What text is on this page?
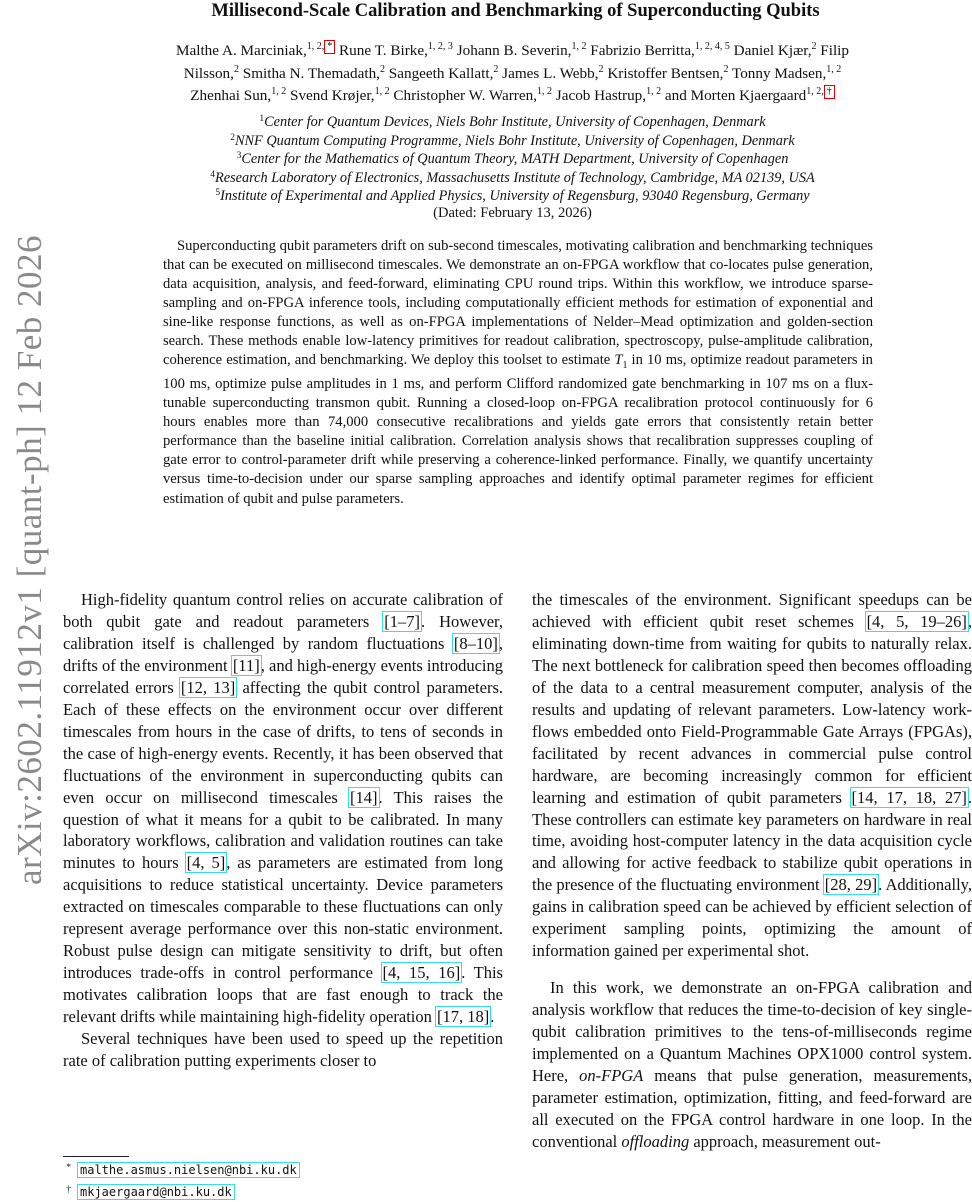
arXiv:2602.11912v1 [quant-ph] 12 Feb 2026
Millisecond-Scale Calibration and Benchmarking of Superconducting Qubits
Malthe A. Marciniak,$^{1, 2,}$ * Rune T. Birke,$^{1, 2, 3}$ Johann B. Severin,$^{1, 2}$ Fabrizio Berritta,$^{1, 2, 4, 5}$ Daniel Kjær,$^2$ Filip
Nilsson,$^2$ Smitha N. Themadath,$^2$ Sangeeth Kallatt,$^2$ James L. Webb,$^2$ Kristoffer Bentsen,$^2$ Tonny Madsen,$^{1, 2}$
Zhenhai Sun,$^{1, 2}$ Svend Krøjer,$^{1, 2}$ Christopher W. Warren,$^{1, 2}$ Jacob Hastrup,$^{1, 2}$ and Morten Kjaergaard$^{1, 2,}$ †
$^1$Center for Quantum Devices, Niels Bohr Institute, University of Copenhagen, Denmark
$^2$NNF Quantum Computing Programme, Niels Bohr Institute, University of Copenhagen, Denmark
$^3$Center for the Mathematics of Quantum Theory, MATH Department, University of Copenhagen
$^4$Research Laboratory of Electronics, Massachusetts Institute of Technology, Cambridge, MA 02139, USA
$^5$Institute of Experimental and Applied Physics, University of Regensburg, 93040 Regensburg, Germany
(Dated: February 13, 2026)
Superconducting qubit parameters drift on sub-second timescales, motivating calibration and benchmarking techniques that can be executed on millisecond timescales. We demonstrate an on-FPGA workflow that co-locates pulse generation, data acquisition, analysis, and feed-forward, eliminating CPU round trips. Within this workflow, we introduce sparse-sampling and on-FPGA inference tools, including computationally efficient methods for estimation of exponential and sine-like response functions, as well as on-FPGA implementations of Nelder–Mead optimization and golden-section search. These methods enable low-latency primitives for readout calibration, spectroscopy, pulse-amplitude calibration, coherence estimation, and benchmarking. We deploy this toolset to estimate $T_1$ in 10 ms, optimize readout parameters in 100 ms, optimize pulse amplitudes in 1 ms, and perform Clifford randomized gate benchmarking in 107 ms on a flux-tunable superconducting transmon qubit. Running a closed-loop on-FPGA recalibration protocol continuously for 6 hours enables more than 74,000 consecutive recalibrations and yields gate errors that consistently retain better performance than the baseline initial calibration. Correlation analysis shows that recalibration suppresses coupling of gate error to control-parameter drift while preserving a coherence-linked performance. Finally, we quantify uncertainty versus time-to-decision under our sparse sampling approaches and identify optimal parameter regimes for efficient estimation of qubit and pulse parameters.

High-fidelity quantum control relies on accurate calibration of both qubit gate and readout parameters [1–7]. However, calibration itself is challenged by random fluctuations [8–10], drifts of the environment [11], and high-energy events introducing correlated errors [12, 13] affecting the qubit control parameters. Each of these effects on the environment occur over different timescales from hours in the case of drifts, to tens of seconds in the case of high-energy events. Recently, it has been observed that fluctuations of the environment in superconducting qubits can even occur on millisecond timescales [14]. This raises the question of what it means for a qubit to be calibrated. In many laboratory workflows, calibration and validation routines can take minutes to hours [4, 5], as parameters are estimated from long acquisitions to reduce statistical uncertainty. Device parameters extracted on timescales comparable to these fluctuations can only represent average performance over this non-static environment. Robust pulse design can mitigate sensitivity to drift, but often introduces trade-offs in control performance [4, 15, 16]. This motivates calibration loops that are fast enough to track the relevant drifts while maintaining high-fidelity operation [17, 18].

Several techniques have been used to speed up the repetition rate of calibration putting experiments closer to

the timescales of the environment. Significant speedups can be achieved with efficient qubit reset schemes [4, 5, 19–26], eliminating down-time from waiting for qubits to naturally relax. The next bottleneck for calibration speed then becomes offloading of the data to a central measurement computer, analysis of the results and updating of relevant parameters. Low-latency workflows embedded onto Field-Programmable Gate Arrays (FPGAs), facilitated by recent advances in commercial pulse control hardware, are becoming increasingly common for efficient learning and estimation of qubit parameters [14, 17, 18, 27]. These controllers can estimate key parameters on hardware in real time, avoiding host-computer latency in the data acquisition cycle and allowing for active feedback to stabilize qubit operations in the presence of the fluctuating environment [28, 29]. Additionally, gains in calibration speed can be achieved by efficient selection of experiment sampling points, optimizing the amount of information gained per experimental shot.

In this work, we demonstrate an on-FPGA calibration and analysis workflow that reduces the time-to-decision of key single-qubit calibration primitives to the tens-of-milliseconds regime implemented on a Quantum Machines OPX1000 control system. Here, on-FPGA means that pulse generation, measurements, parameter estimation, optimization, fitting, and feed-forward are all executed on the FPGA control hardware in one loop. In the conventional offloading approach, measurement out-

* malthe.asmus.nielsen@nbi.ku.dk
† mkjaergaard@nbi.ku.dk
